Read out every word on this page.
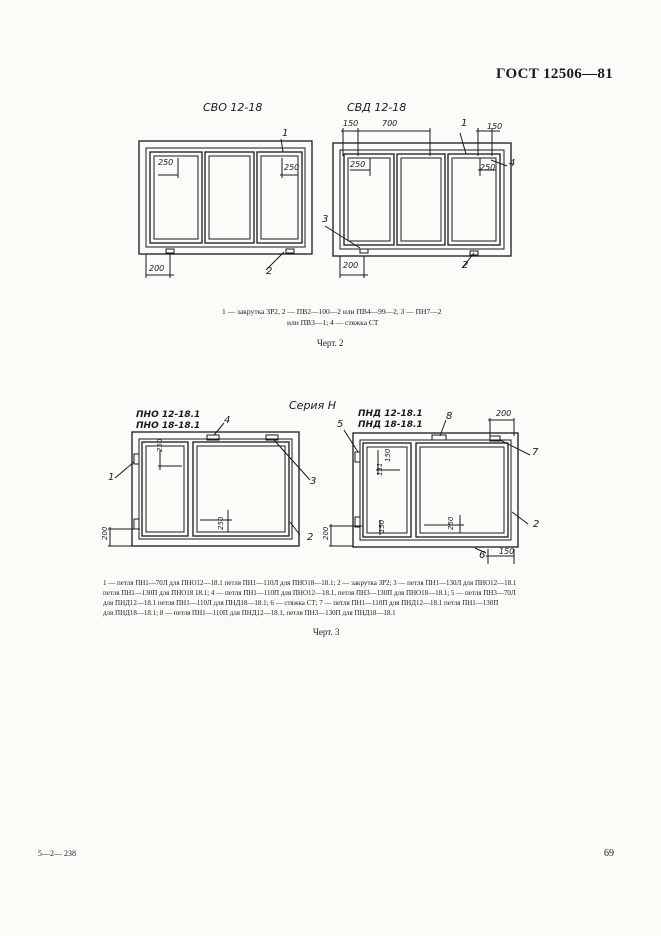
ГОСТ 12506—81
СВО 12-18	СВД 12-18
250
250
200
1
2
150	700	150
250	250
200
1
4
3
2
1 — закрутка ЗР2, 2 — ПВ2—100—2 или ПВ4—99—2, 3 — ПН7—2
или ПВ3—1; 4 — стяжка СТ
Черт. 2
Серия Н
ПНО 12-18.1
ПНО 18-18.1
ПНД 12-18.1
ПНД 18-18.1
250
250
200
1
4
3
2
131
150
150	250
200
200
150
5
8
7
2
6
1 — петля ПН1—70Л для ПНО12—18.1 петля ПН1—110Л для ПНО18—18.1; 2 — закрутка ЗР2; 3 — петля ПН1—130Л для ПНО12—18.1
петля ПН1—130П для ПНО18 18.1; 4 — петля ПН1—110П для ПНО12—18.1, петля ПН3—130П для ПНО18—18.1; 5 — петля ПН3—70Л
для ПНД12—18.1 петля ПН1—110Л для ПНД18—18.1; 6 — стяжка СТ; 7 — петля ПН1—110П для ПНД12—18.1 петля ПН1—130П
для ПНД18—18.1; 8 — петля ПН1—110П для ПНД12—18.1, петля ПН3—130П для ПНД18—18.1
Черт. 3
5—2— 238	69
